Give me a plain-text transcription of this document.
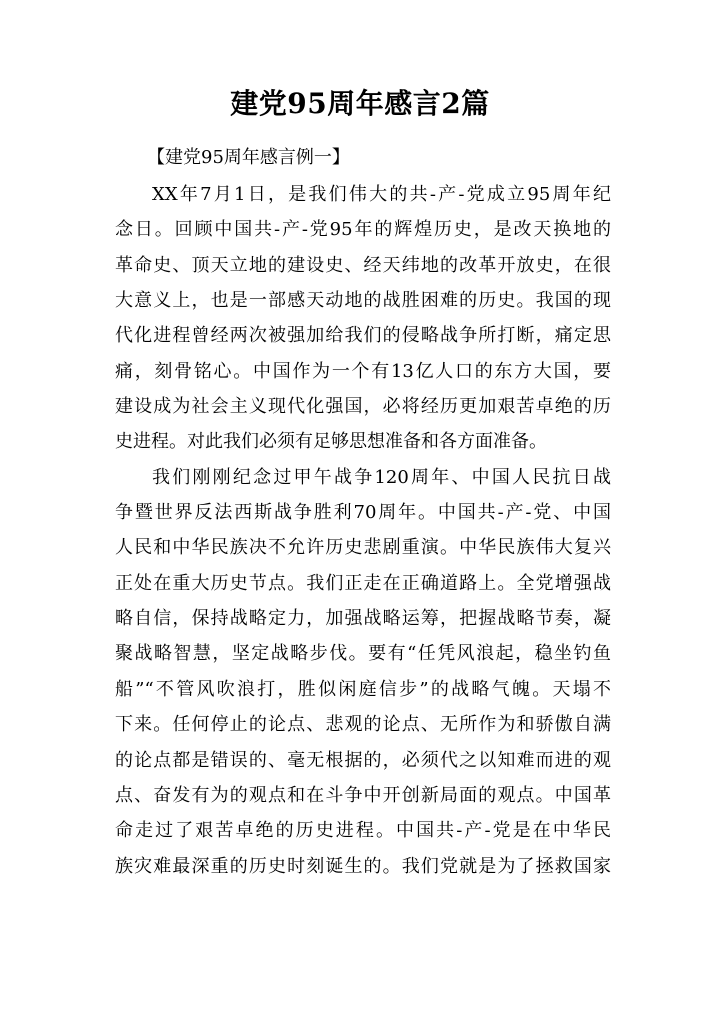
建党95周年感言2篇
【建党95周年感言例一】
XX年7月1日，是我们伟大的共-产-党成立95周年纪
念日。回顾中国共-产-党95年的辉煌历史，是改天换地的
革命史、顶天立地的建设史、经天纬地的改革开放史，在很
大意义上，也是一部感天动地的战胜困难的历史。我国的现
代化进程曾经两次被强加给我们的侵略战争所打断，痛定思
痛，刻骨铭心。中国作为一个有13亿人口的东方大国，要
建设成为社会主义现代化强国，必将经历更加艰苦卓绝的历
史进程。对此我们必须有足够思想准备和各方面准备。
我们刚刚纪念过甲午战争120周年、中国人民抗日战
争暨世界反法西斯战争胜利70周年。中国共-产-党、中国
人民和中华民族决不允许历史悲剧重演。中华民族伟大复兴
正处在重大历史节点。我们正走在正确道路上。全党增强战
略自信，保持战略定力，加强战略运筹，把握战略节奏，凝
聚战略智慧，坚定战略步伐。要有“任凭风浪起，稳坐钓鱼
船”“不管风吹浪打，胜似闲庭信步”的战略气魄。天塌不
下来。任何停止的论点、悲观的论点、无所作为和骄傲自满
的论点都是错误的、毫无根据的，必须代之以知难而进的观
点、奋发有为的观点和在斗争中开创新局面的观点。中国革
命走过了艰苦卓绝的历史进程。中国共-产-党是在中华民
族灾难最深重的历史时刻诞生的。我们党就是为了拯救国家
